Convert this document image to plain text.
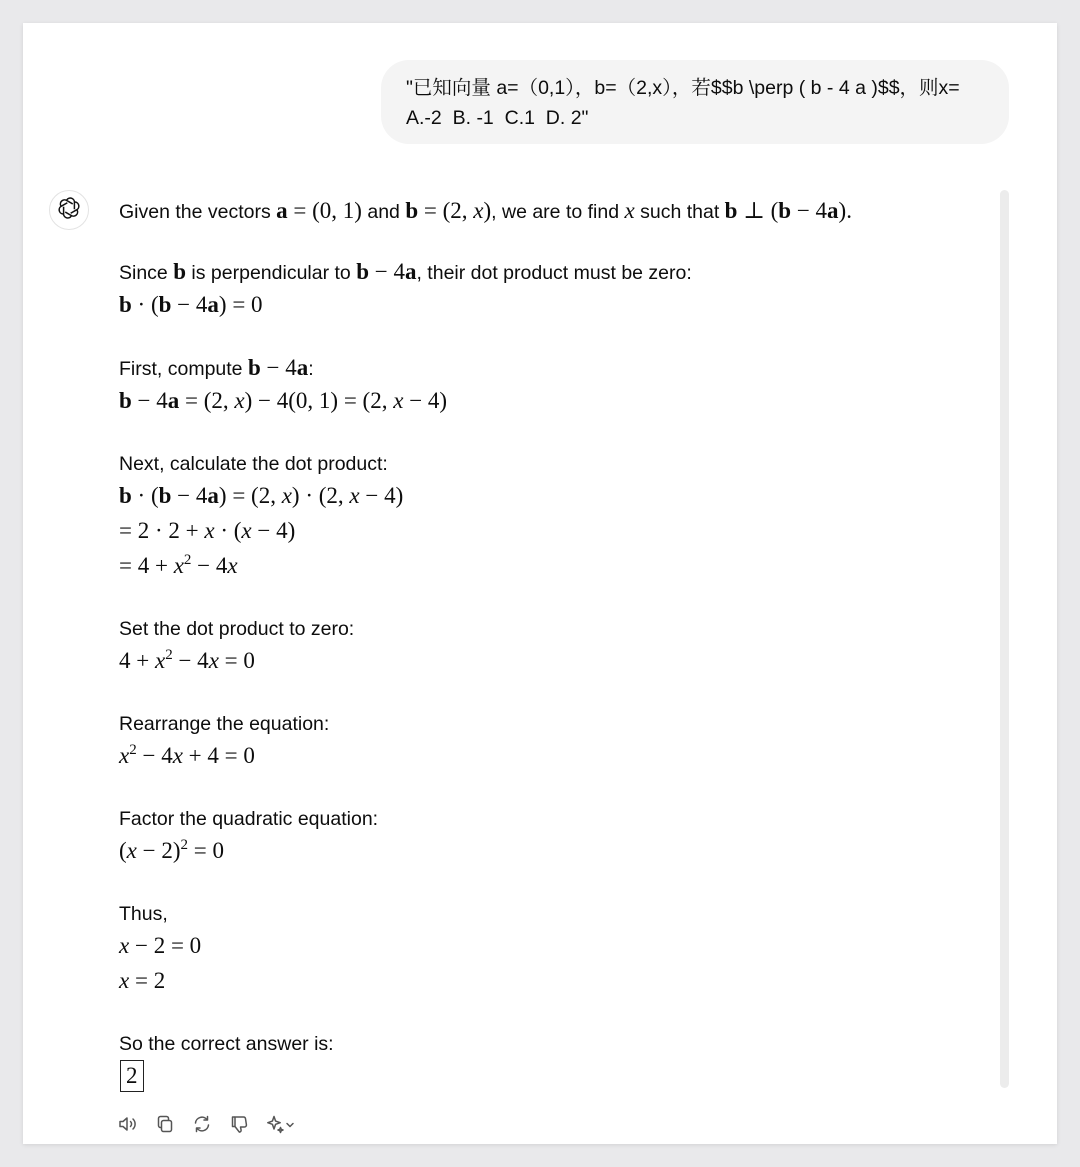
"已知向量 a=（0,1），b=（2,x），若$$b \perp ( b - 4 a )$$，则x=
A.-2  B. -1  C.1  D. 2"
Given the vectors a = (0, 1) and b = (2, x), we are to find x such that b ⊥ (b − 4a).
Since b is perpendicular to b − 4a, their dot product must be zero:
b · (b − 4a) = 0
First, compute b − 4a:
b − 4a = (2, x) − 4(0, 1) = (2, x − 4)
Next, calculate the dot product:
b · (b − 4a) = (2, x) · (2, x − 4)
= 2 · 2 + x · (x − 4)
= $4 + x^2 - 4x$
Set the dot product to zero:
$4 + x^2 - 4x = 0$
Rearrange the equation:
$x^2 - 4x + 4 = 0$
Factor the quadratic equation:
$(x - 2)^2 = 0$
Thus,
x − 2 = 0
x = 2
So the correct answer is:
2
